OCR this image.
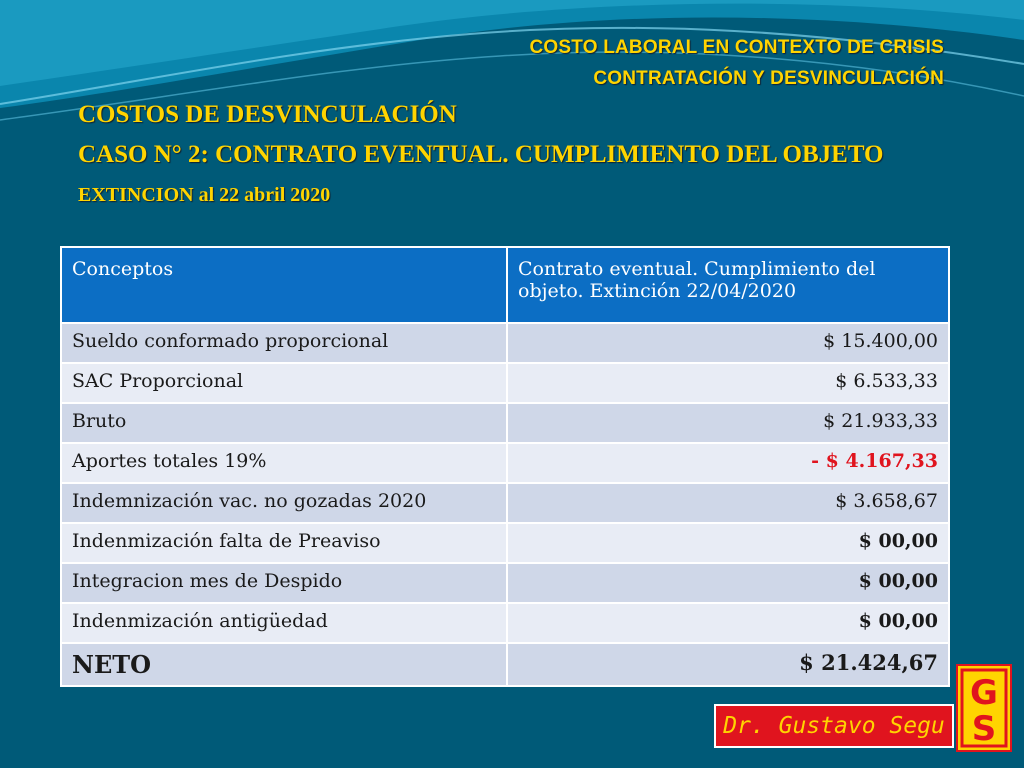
COSTO LABORAL EN CONTEXTO DE CRISIS
CONTRATACIÓN Y DESVINCULACIÓN
COSTOS DE DESVINCULACIÓN
CASO N° 2: CONTRATO EVENTUAL. CUMPLIMIENTO DEL OBJETO
EXTINCION al 22 abril 2020
Conceptos	Contrato eventual. Cumplimiento del objeto. Extinción 22/04/2020
Sueldo conformado proporcional	$ 15.400,00
SAC Proporcional	$ 6.533,33
Bruto	$ 21.933,33
Aportes totales 19%	- $ 4.167,33
Indemnización vac. no gozadas 2020	$ 3.658,67
Indenmización falta de Preaviso	$ 00,00
Integracion mes de Despido	$ 00,00
Indenmización antigüedad	$ 00,00
NETO	$ 21.424,67
Dr. Gustavo Segu
G
S
